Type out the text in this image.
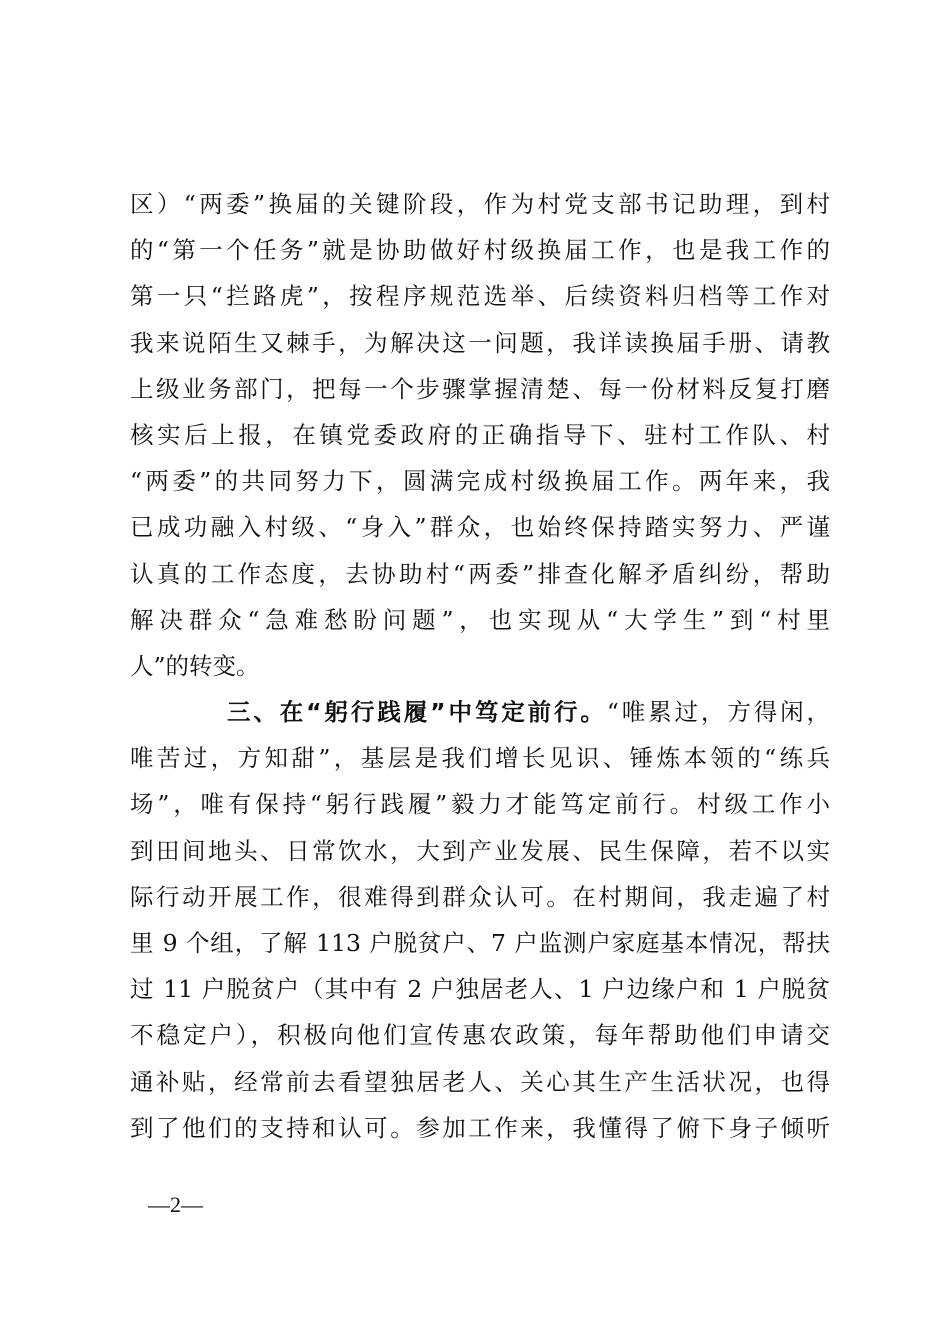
区）“两委”换届的关键阶段，作为村党支部书记助理，到村
的“第一个任务”就是协助做好村级换届工作，也是我工作的
第一只“拦路虎”，按程序规范选举、后续资料归档等工作对
我来说陌生又棘手，为解决这一问题，我详读换届手册、请教
上级业务部门，把每一个步骤掌握清楚、每一份材料反复打磨
核实后上报，在镇党委政府的正确指导下、驻村工作队、村
“两委”的共同努力下，圆满完成村级换届工作。两年来，我
已成功融入村级、“身入”群众，也始终保持踏实努力、严谨
认真的工作态度，去协助村“两委”排查化解矛盾纠纷，帮助
解决群众“急难愁盼问题”，也实现从“大学生”到“村里
人”的转变。
三、在“躬行践履”中笃定前行。“唯累过，方得闲，
唯苦过，方知甜”，基层是我们增长见识、锤炼本领的“练兵
场”，唯有保持“躬行践履”毅力才能笃定前行。村级工作小
到田间地头、日常饮水，大到产业发展、民生保障，若不以实
际行动开展工作，很难得到群众认可。在村期间，我走遍了村
里 9 个组，了解 113 户脱贫户、7 户监测户家庭基本情况，帮扶
过 11 户脱贫户（其中有 2 户独居老人、1 户边缘户和 1 户脱贫
不稳定户），积极向他们宣传惠农政策，每年帮助他们申请交
通补贴，经常前去看望独居老人、关心其生产生活状况，也得
到了他们的支持和认可。参加工作来，我懂得了俯下身子倾听
—2—
